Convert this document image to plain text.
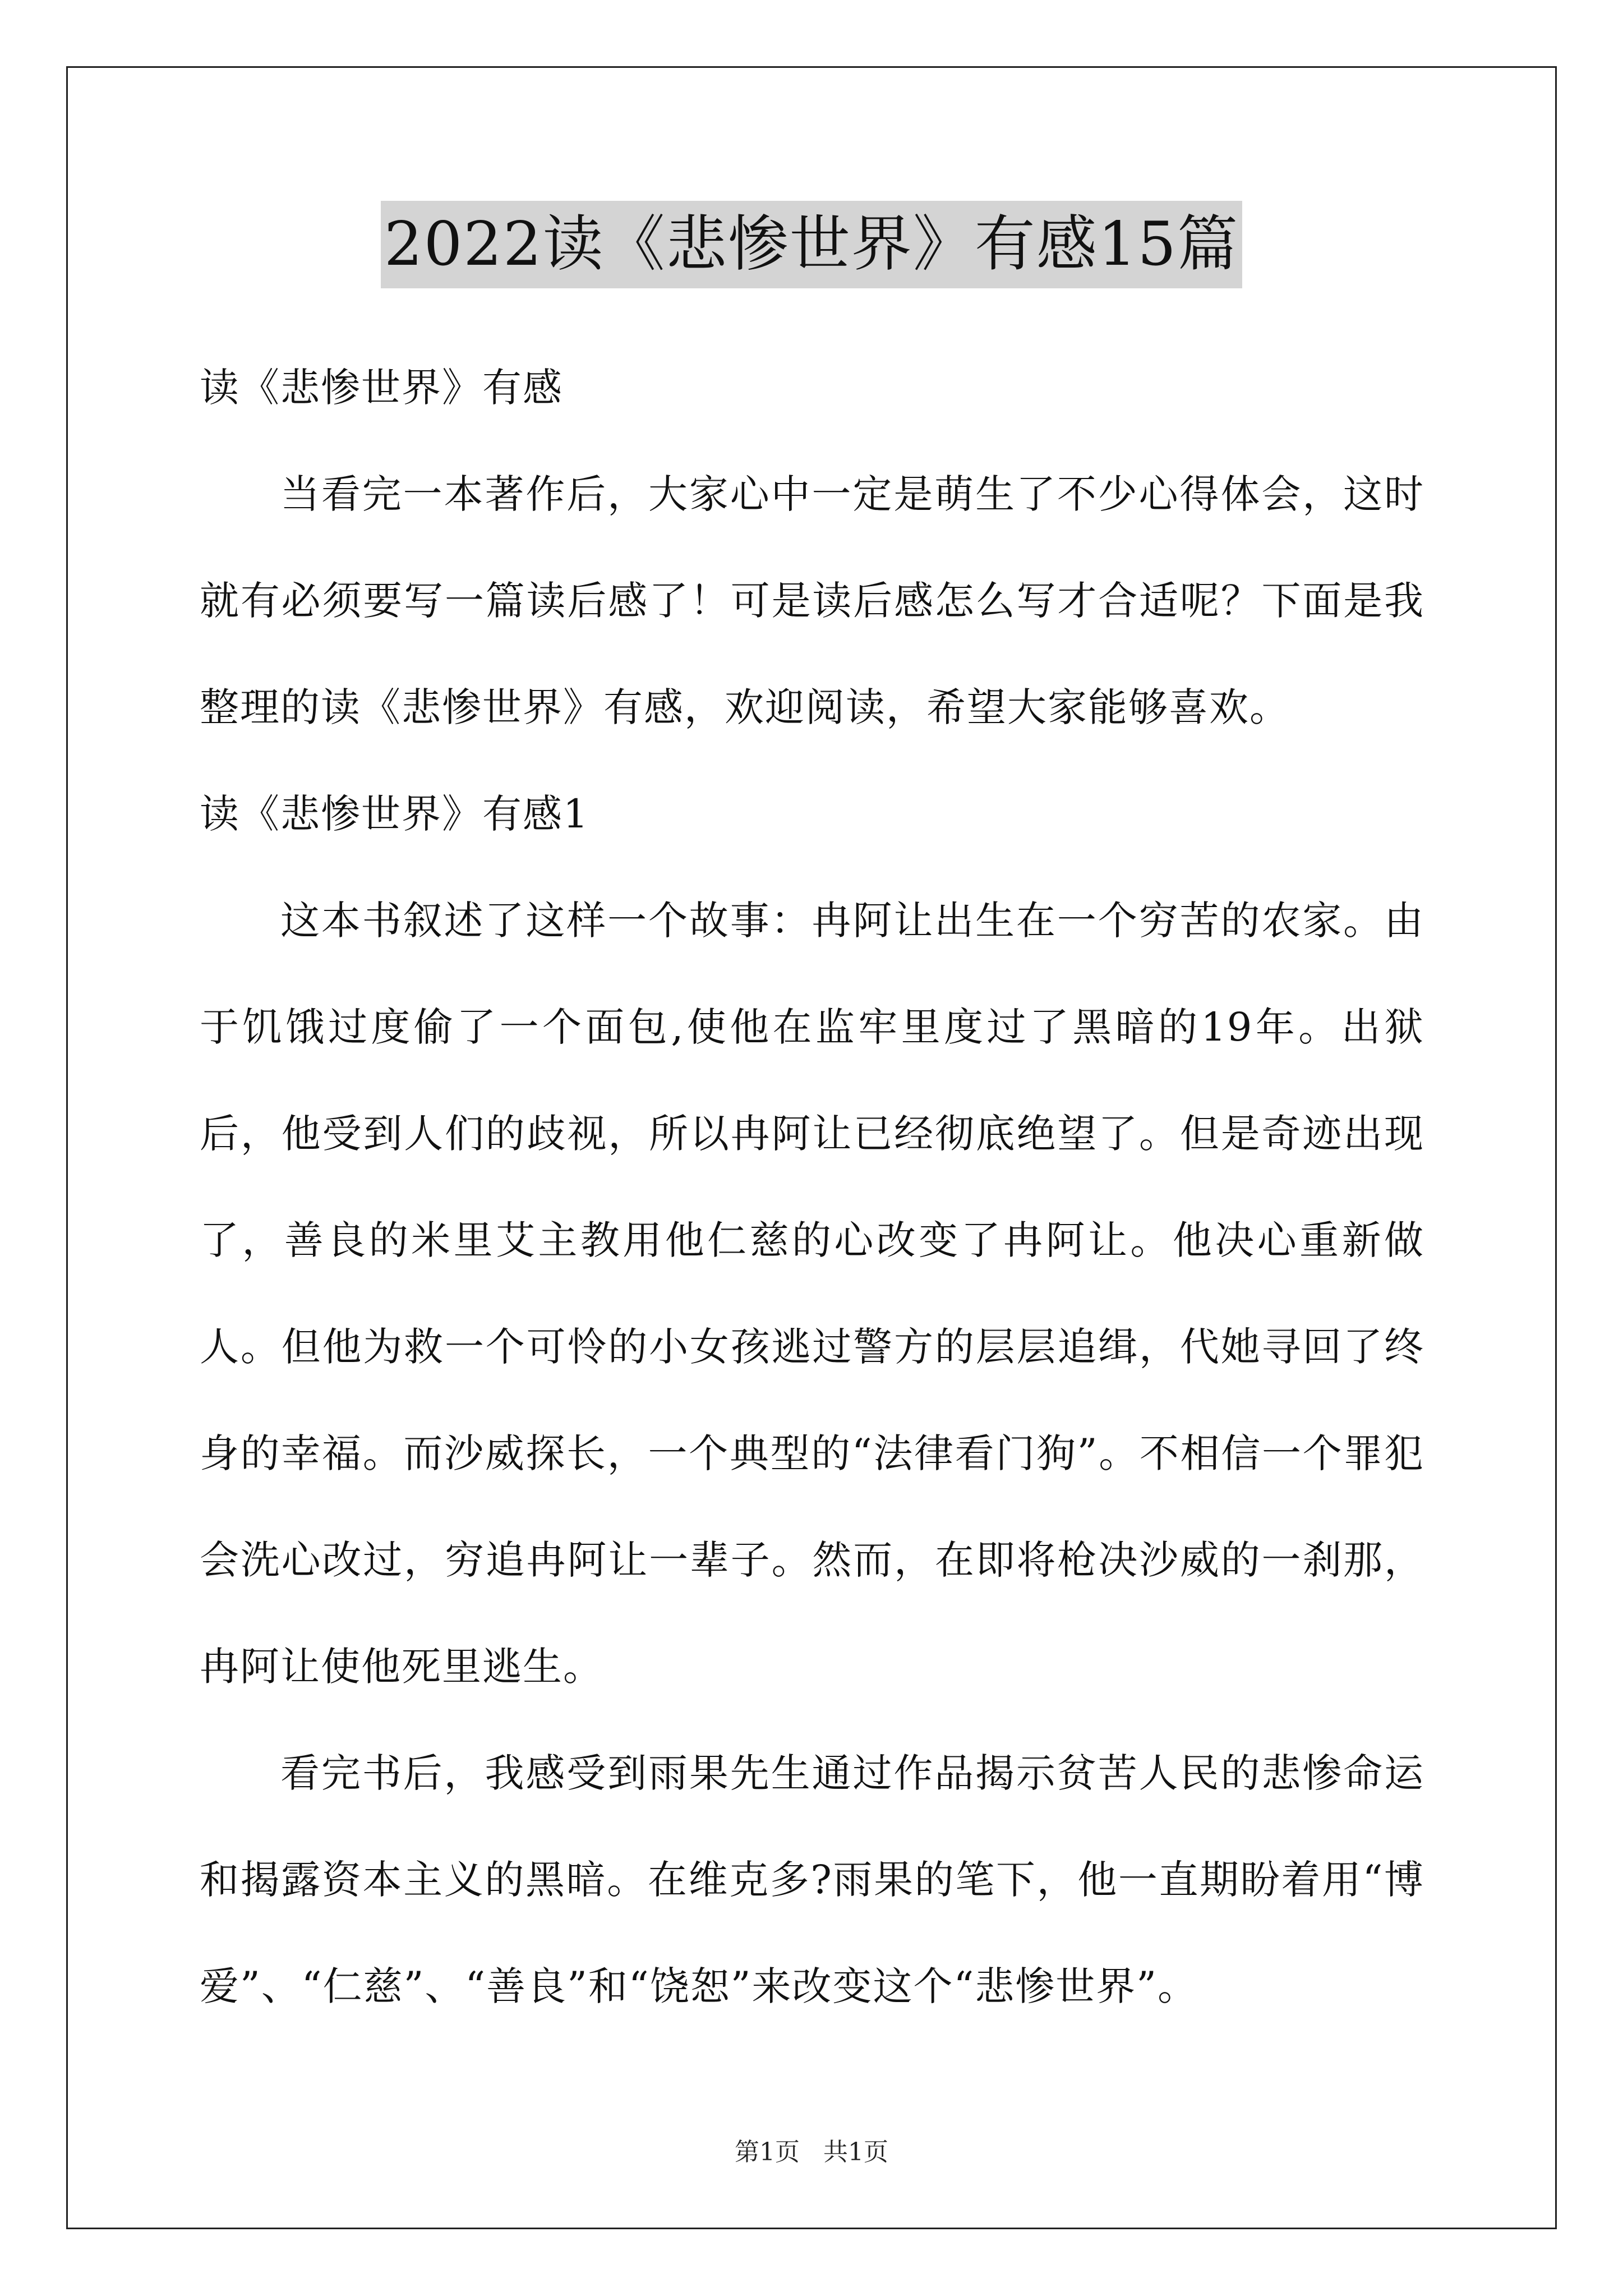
2022读《悲惨世界》有感15篇

读《悲惨世界》有感

当看完一本著作后，大家心中一定是萌生了不少心得体会，这时就有必须要写一篇读后感了！可是读后感怎么写才合适呢？下面是我整理的读《悲惨世界》有感，欢迎阅读，希望大家能够喜欢。

读《悲惨世界》有感1

这本书叙述了这样一个故事：冉阿让出生在一个穷苦的农家。由于饥饿过度偷了一个面包,使他在监牢里度过了黑暗的19年。出狱后，他受到人们的歧视，所以冉阿让已经彻底绝望了。但是奇迹出现了，善良的米里艾主教用他仁慈的心改变了冉阿让。他决心重新做人。但他为救一个可怜的小女孩逃过警方的层层追缉，代她寻回了终身的幸福。而沙威探长，一个典型的“法律看门狗”。不相信一个罪犯会洗心改过，穷追冉阿让一辈子。然而，在即将枪决沙威的一刹那，冉阿让使他死里逃生。

看完书后，我感受到雨果先生通过作品揭示贫苦人民的悲惨命运和揭露资本主义的黑暗。在维克多?雨果的笔下，他一直期盼着用“博爱”、“仁慈”、“善良”和“饶恕”来改变这个“悲惨世界”。

第1页   共1页
